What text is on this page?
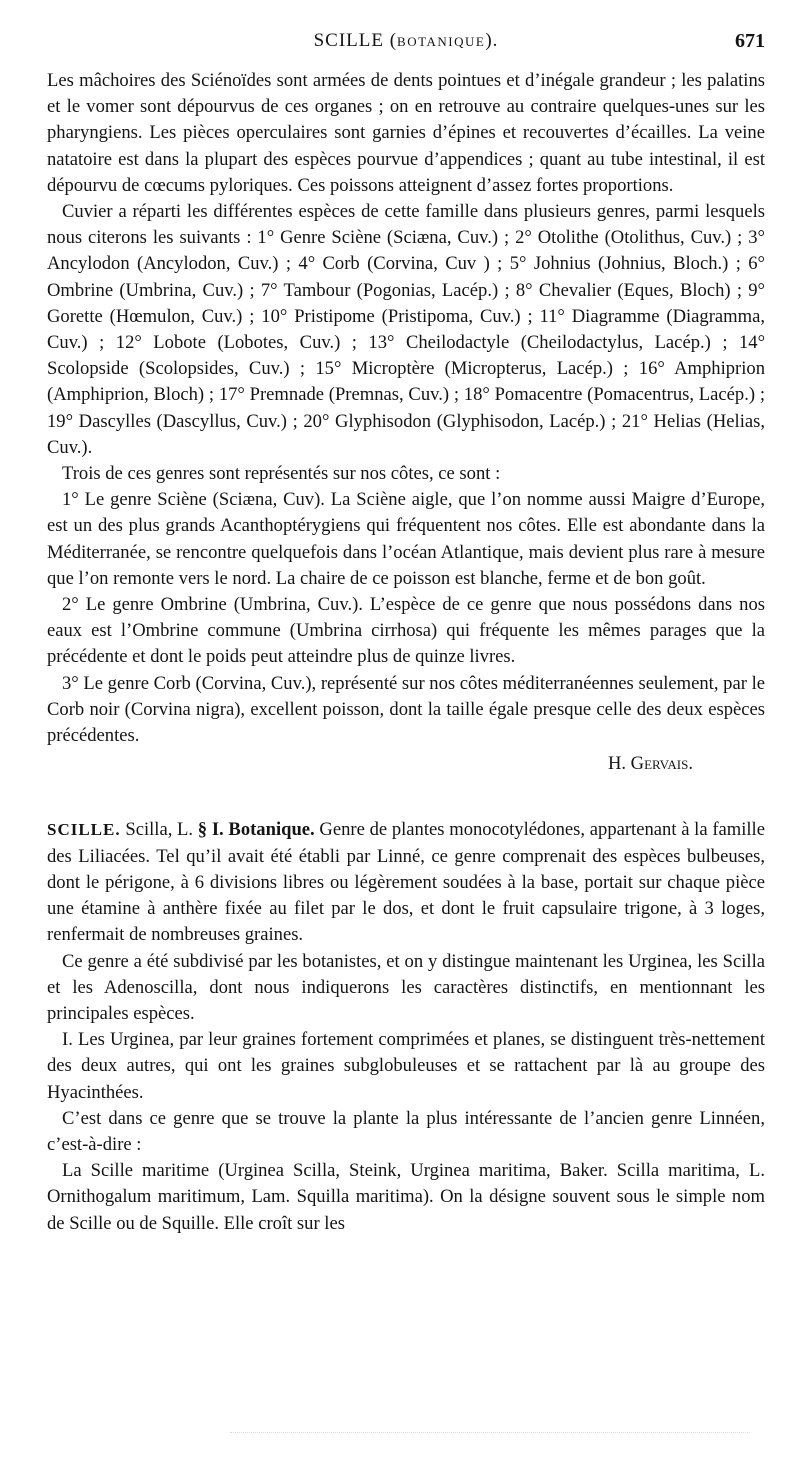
SCILLE (BOTANIQUE).	671

Les mâchoires des Sciénoïdes sont armées de dents pointues et d’inégale grandeur ; les palatins et le vomer sont dépourvus de ces organes ; on en retrouve au contraire quelques-unes sur les pharyngiens. Les pièces operculaires sont garnies d’épines et recouvertes d’écailles. La veine natatoire est dans la plupart des espèces pourvue d’appendices ; quant au tube intestinal, il est dépourvu de cœcums pyloriques. Ces poissons atteignent d’assez fortes proportions.

Cuvier a réparti les différentes espèces de cette famille dans plusieurs genres, parmi lesquels nous citerons les suivants : 1° Genre Sciène (Sciæna, Cuv.) ; 2° Otolithe (Otolithus, Cuv.) ; 3° Ancylodon (Ancylodon, Cuv.) ; 4° Corb (Corvina, Cuv ) ; 5° Johnius (Johnius, Bloch.) ; 6° Ombrine (Umbrina, Cuv.) ; 7° Tambour (Pogonias, Lacép.) ; 8° Chevalier (Eques, Bloch) ; 9° Gorette (Hœmulon, Cuv.) ; 10° Pristipome (Pristipoma, Cuv.) ; 11° Diagramme (Diagramma, Cuv.) ; 12° Lobote (Lobotes, Cuv.) ; 13° Cheilodactyle (Cheilodactylus, Lacép.) ; 14° Scolopside (Scolopsides, Cuv.) ; 15° Microptère (Micropterus, Lacép.) ; 16° Amphiprion (Amphiprion, Bloch) ; 17° Premnade (Premnas, Cuv.) ; 18° Pomacentre (Pomacentrus, Lacép.) ; 19° Dascylles (Dascyllus, Cuv.) ; 20° Glyphisodon (Glyphisodon, Lacép.) ; 21° Helias (Helias, Cuv.).

Trois de ces genres sont représentés sur nos côtes, ce sont :

1° Le genre Sciène (Sciæna, Cuv). La Sciène aigle, que l’on nomme aussi Maigre d’Europe, est un des plus grands Acanthoptérygiens qui fréquentent nos côtes. Elle est abondante dans la Méditerranée, se rencontre quelquefois dans l’océan Atlantique, mais devient plus rare à mesure que l’on remonte vers le nord. La chaire de ce poisson est blanche, ferme et de bon goût.

2° Le genre Ombrine (Umbrina, Cuv.). L’espèce de ce genre que nous possédons dans nos eaux est l’Ombrine commune (Umbrina cirrhosa) qui fréquente les mêmes parages que la précédente et dont le poids peut atteindre plus de quinze livres.

3° Le genre Corb (Corvina, Cuv.), représenté sur nos côtes méditerranéennes seulement, par le Corb noir (Corvina nigra), excellent poisson, dont la taille égale presque celle des deux espèces précédentes.

H. Gervais.

SCILLE. Scilla, L. § I. Botanique. Genre de plantes monocotylédones, appartenant à la famille des Liliacées. Tel qu’il avait été établi par Linné, ce genre comprenait des espèces bulbeuses, dont le périgone, à 6 divisions libres ou légèrement soudées à la base, portait sur chaque pièce une étamine à anthère fixée au filet par le dos, et dont le fruit capsulaire trigone, à 3 loges, renfermait de nombreuses graines.

Ce genre a été subdivisé par les botanistes, et on y distingue maintenant les Urginea, les Scilla et les Adenoscilla, dont nous indiquerons les caractères distinctifs, en mentionnant les principales espèces.

I. Les Urginea, par leur graines fortement comprimées et planes, se distinguent très-nettement des deux autres, qui ont les graines subglobuleuses et se rattachent par là au groupe des Hyacinthées.

C’est dans ce genre que se trouve la plante la plus intéressante de l’ancien genre Linnéen, c’est-à-dire :

La Scille maritime (Urginea Scilla, Steink, Urginea maritima, Baker. Scilla maritima, L. Ornithogalum maritimum, Lam. Squilla maritima). On la désigne souvent sous le simple nom de Scille ou de Squille. Elle croît sur les
